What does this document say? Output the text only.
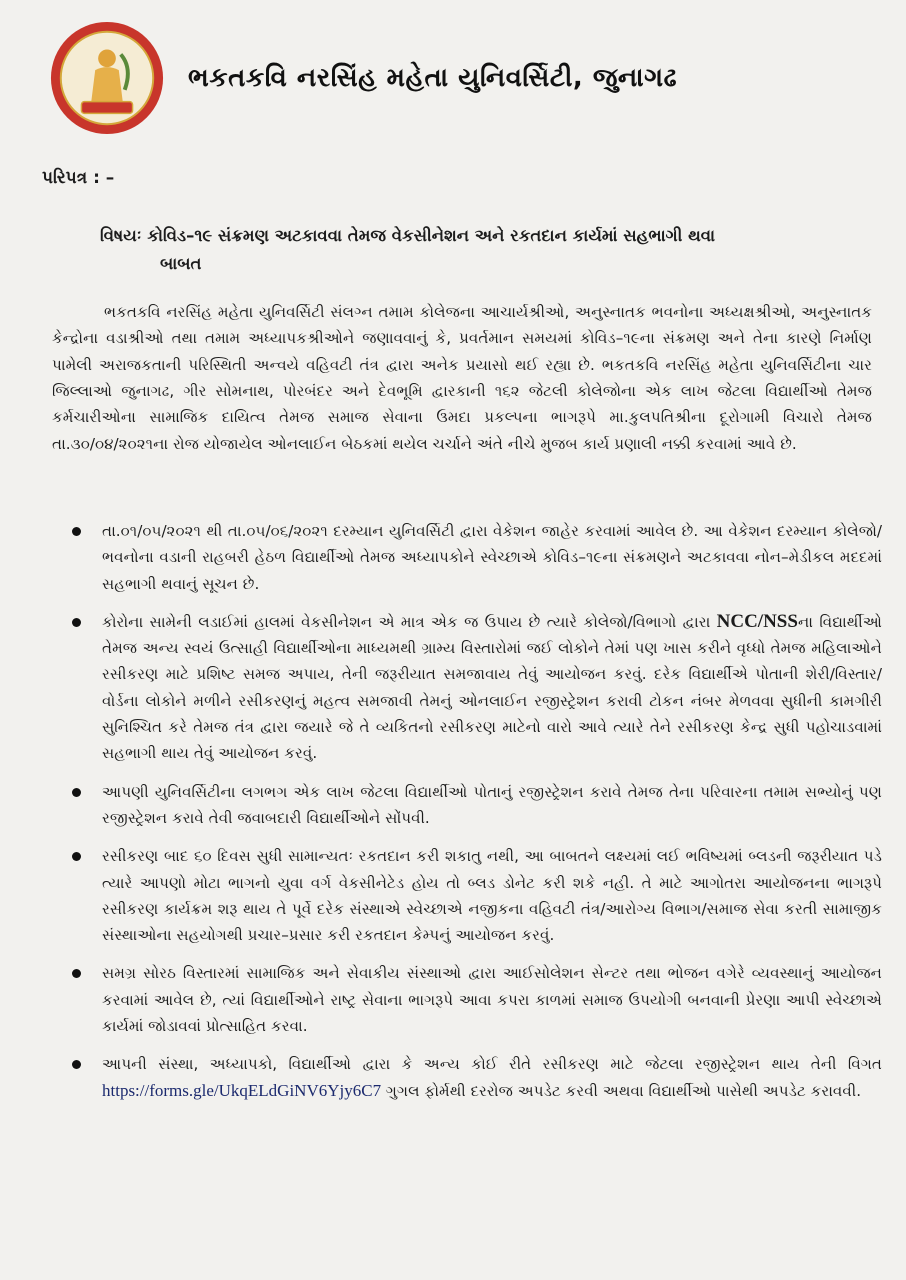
ભકતકવિ નરસિંહ મહેતા યુનિવર્સિટી, જુનાગઢ
પરિપત્ર : –
વિષયઃ કોવિડ–૧૯ સંક્રમણ અટકાવવા તેમજ વેકસીનેશન અને રકતદાન કાર્યમાં સહભાગી થવા
બાબત

ભકતકવિ નરસિંહ મહેતા યુનિવર્સિટી સંલગ્ન તમામ કોલેજના આચાર્યશ્રીઓ, અનુસ્નાતક ભવનોના અધ્યક્ષશ્રીઓ, અનુસ્નાતક કેન્દ્રોના વડાશ્રીઓ તથા તમામ અધ્યાપકશ્રીઓને જણાવવાનું કે, પ્રવર્તમાન સમયમાં કોવિડ–૧૯ના સંક્રમણ અને તેના કારણે નિર્માણ પામેલી અરાજકતાની પરિસ્થિતી અન્વયે વહિવટી તંત્ર દ્વારા અનેક પ્રયાસો થઈ રહ્યા છે. ભકતકવિ નરસિંહ મહેતા યુનિવર્સિટીના ચાર જિલ્લાઓ જુનાગઢ, ગીર સોમનાથ, પોરબંદર અને દેવભૂમિ દ્વારકાની ૧૬૨ જેટલી કોલેજોના એક લાખ જેટલા વિદ્યાર્થીઓ તેમજ કર્મચારીઓના સામાજિક દાયિત્વ તેમજ સમાજ સેવાના ઉમદા પ્રકલ્પના ભાગરૂપે મા.કુલપતિશ્રીના દૂરોગામી વિચારો તેમજ તા.૩૦/૦૪/૨૦૨૧ના રોજ યોજાયેલ ઓનલાઈન બેઠકમાં થયેલ ચર્ચાને અંતે નીચે મુજબ કાર્ય પ્રણાલી નક્કી કરવામાં આવે છે.

તા.૦૧/૦૫/૨૦૨૧ થી તા.૦૫/૦૬/૨૦૨૧ દરમ્યાન યુનિવર્સિટી દ્વારા વેકેશન જાહેર કરવામાં આવેલ છે. આ વેકેશન દરમ્યાન કોલેજો/ભવનોના વડાની રાહબરી હેઠળ વિદ્યાર્થીઓ તેમજ અધ્યાપકોને સ્વેચ્છાએ કોવિડ–૧૯ના સંક્રમણને અટકાવવા નોન–મેડીકલ મદદમાં સહભાગી થવાનું સૂચન છે.
કોરોના સામેની લડાઈમાં હાલમાં વેકસીનેશન એ માત્ર એક જ ઉપાય છે ત્યારે કોલેજો/વિભાગો દ્વારા NCC/NSSના વિદ્યાર્થીઓ તેમજ અન્ય સ્વયં ઉત્સાહી વિદ્યાર્થીઓના માધ્યમથી ગ્રામ્ય વિસ્તારોમાં જઈ લોકોને તેમાં પણ ખાસ કરીને વૃધ્ધો તેમજ મહિલાઓને રસીકરણ માટે પ્રશિષ્ટ સમજ અપાય, તેની જરૂરીયાત સમજાવાય તેવું આયોજન કરવું. દરેક વિદ્યાર્થીએ પોતાની શેરી/વિસ્તાર/વોર્ડના લોકોને મળીને રસીકરણનું મહત્વ સમજાવી તેમનું ઓનલાઈન રજીસ્ટ્રેશન કરાવી ટોકન નંબર મેળવવા સુધીની કામગીરી સુનિશ્ચિત કરે તેમજ તંત્ર દ્વારા જયારે જે તે વ્યકિતનો રસીકરણ માટેનો વારો આવે ત્યારે તેને રસીકરણ કેન્દ્ર સુધી પહોચાડવામાં સહભાગી થાય તેવું આયોજન કરવું.
આપણી યુનિવર્સિટીના લગભગ એક લાખ જેટલા વિદ્યાર્થીઓ પોતાનું રજીસ્ટ્રેશન કરાવે તેમજ તેના પરિવારના તમામ સભ્યોનું પણ રજીસ્ટ્રેશન કરાવે તેવી જવાબદારી વિદ્યાર્થીઓને સોંપવી.
રસીકરણ બાદ ૬૦ દિવસ સુધી સામાન્યતઃ રકતદાન કરી શકાતુ નથી, આ બાબતને લક્ષ્યમાં લઈ ભવિષ્યમાં બ્લડની જરૂરીયાત પડે ત્યારે આપણો મોટા ભાગનો યુવા વર્ગ વેકસીનેટેડ હોય તો બ્લડ ડોનેટ કરી શકે નહી. તે માટે આગોતરા આયોજનના ભાગરૂપે રસીકરણ કાર્યક્રમ શરૂ થાય તે પૂર્વે દરેક સંસ્થાએ સ્વેચ્છાએ નજીકના વહિવટી તંત્ર/આરોગ્ય વિભાગ/સમાજ સેવા કરતી સામાજીક સંસ્થાઓના સહયોગથી પ્રચાર–પ્રસાર કરી રકતદાન કેમ્પનું આયોજન કરવું.
સમગ્ર સોરઠ વિસ્તારમાં સામાજિક અને સેવાકીય સંસ્થાઓ દ્વારા આઈસોલેશન સેન્ટર તથા ભોજન વગેરે વ્યવસ્થાનું આયોજન કરવામાં આવેલ છે, ત્યાં વિદ્યાર્થીઓને રાષ્ટ્ર સેવાના ભાગરૂપે આવા કપરા કાળમાં સમાજ ઉપયોગી બનવાની પ્રેરણા આપી સ્વેચ્છાએ કાર્યમાં જોડાવવાં પ્રોત્સાહિત કરવા.
આપની સંસ્થા, અધ્યાપકો, વિદ્યાર્થીઓ દ્વારા કે અન્ય કોઈ રીતે રસીકરણ માટે જેટલા રજીસ્ટ્રેશન થાય તેની વિગત https://forms.gle/UkqELdGiNV6Yjy6C7 ગુગલ ફોર્મથી દરરોજ અપડેટ કરવી અથવા વિદ્યાર્થીઓ પાસેથી અપડેટ કરાવવી.
